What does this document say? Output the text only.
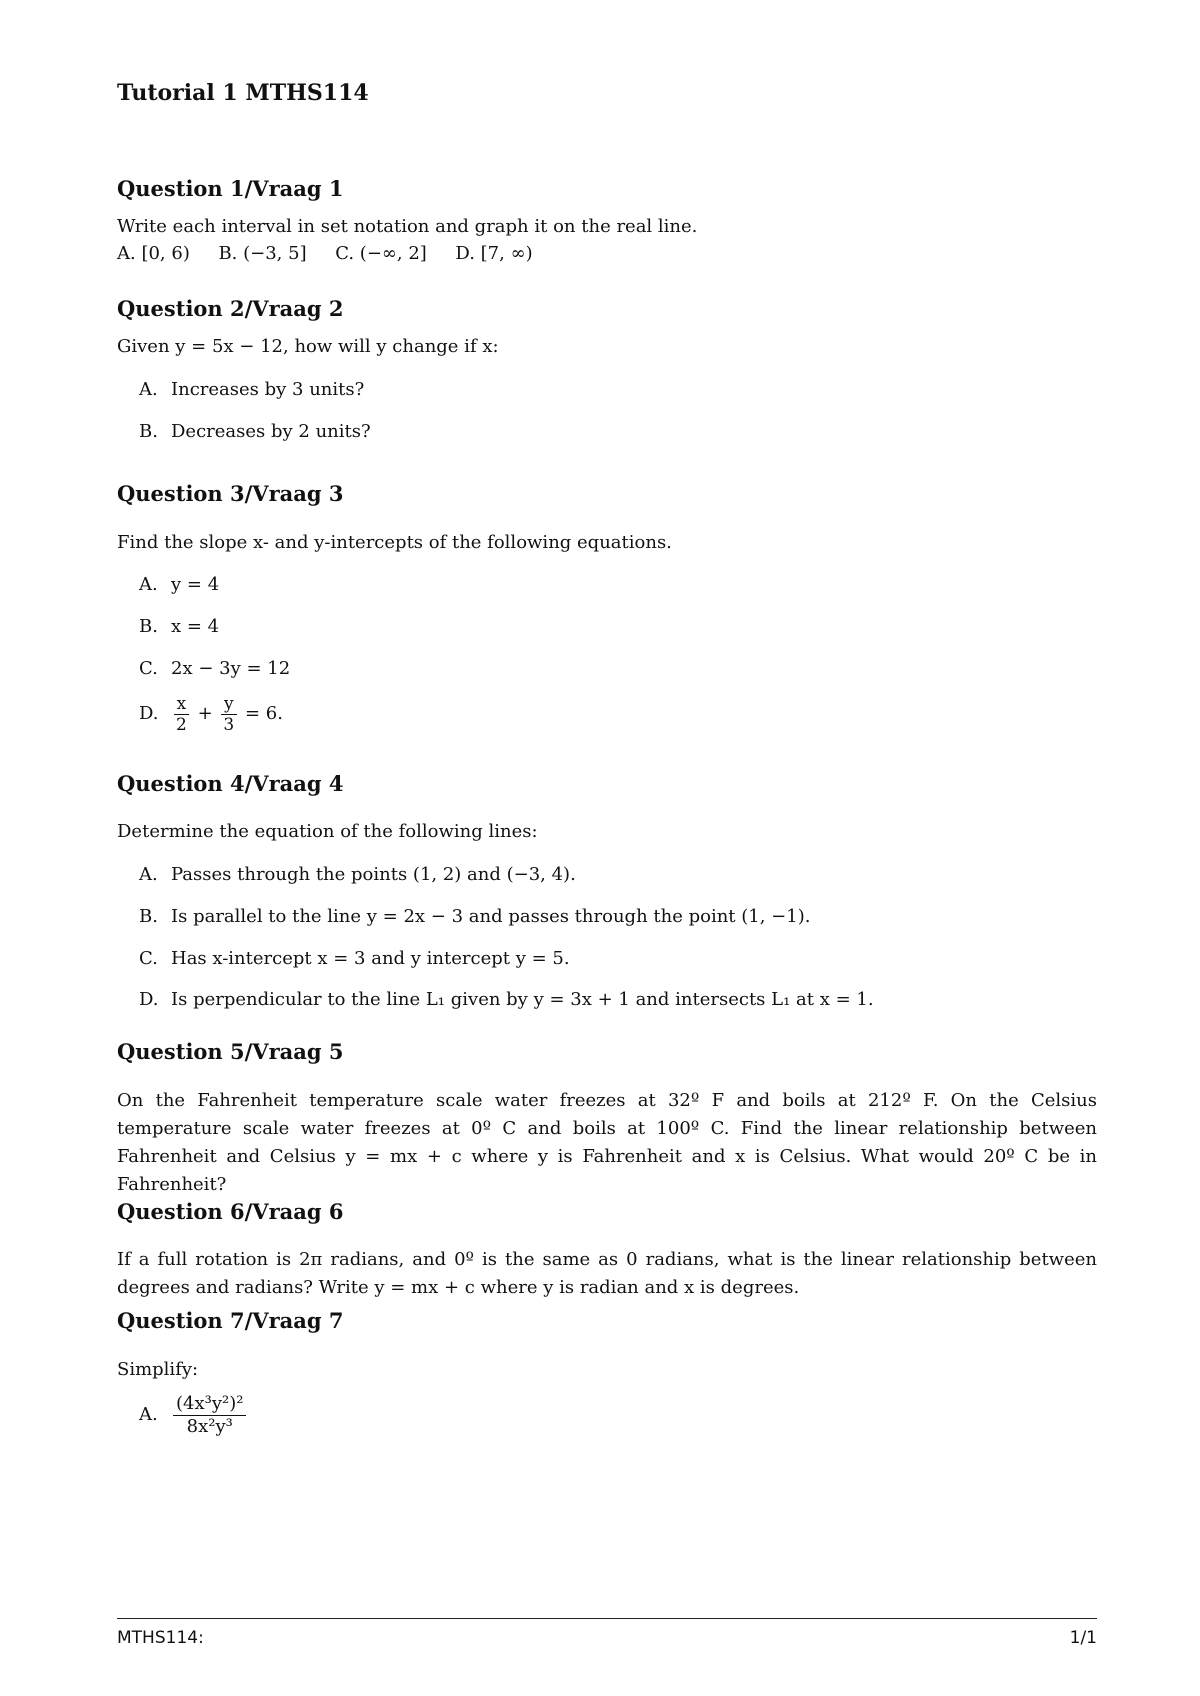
Tutorial 1 MTHS114
Question 1/Vraag 1
Write each interval in set notation and graph it on the real line.
A. [0, 6) B. (−3, 5] C. (−∞, 2] D. [7, ∞)
Question 2/Vraag 2
Given y = 5x − 12, how will y change if x:
A. Increases by 3 units?
B. Decreases by 2 units?
Question 3/Vraag 3
Find the slope x- and y-intercepts of the following equations.
A. y = 4
B. x = 4
C. 2x − 3y = 12
D. $\frac{x}{2} + \frac{y}{3} = 6$.
Question 4/Vraag 4
Determine the equation of the following lines:
A. Passes through the points (1, 2) and (−3, 4).
B. Is parallel to the line y = 2x − 3 and passes through the point (1, −1).
C. Has x-intercept x = 3 and y intercept y = 5.
D. Is perpendicular to the line L₁ given by y = 3x + 1 and intersects L₁ at x = 1.
Question 5/Vraag 5
On the Fahrenheit temperature scale water freezes at 32º F and boils at 212º F. On the Celsius temperature scale water freezes at 0º C and boils at 100º C. Find the linear relationship between Fahrenheit and Celsius y = mx + c where y is Fahrenheit and x is Celsius. What would 20º C be in Fahrenheit?
Question 6/Vraag 6
If a full rotation is 2π radians, and 0º is the same as 0 radians, what is the linear relationship between degrees and radians? Write y = mx + c where y is radian and x is degrees.
Question 7/Vraag 7
Simplify:
A. $\frac{\text{(4x³y²)²}}{\text{8x²y³}}$
MTHS114:	1/1
